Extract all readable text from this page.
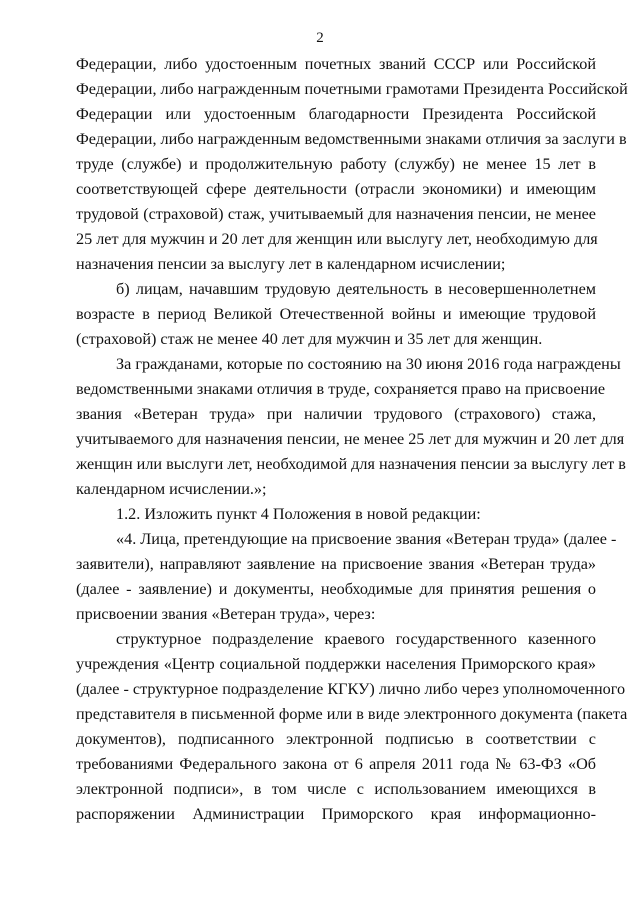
2
Федерации, либо удостоенным почетных званий СССР или Российской
Федерации, либо награжденным почетными грамотами Президента Российской
Федерации или удостоенным благодарности Президента Российской
Федерации, либо награжденным ведомственными знаками отличия за заслуги в
труде (службе) и продолжительную работу (службу) не менее 15 лет в
соответствующей сфере деятельности (отрасли экономики) и имеющим
трудовой (страховой) стаж, учитываемый для назначения пенсии, не менее
25 лет для мужчин и 20 лет для женщин или выслугу лет, необходимую для
назначения пенсии за выслугу лет в календарном исчислении;
б) лицам, начавшим трудовую деятельность в несовершеннолетнем
возрасте в период Великой Отечественной войны и имеющие трудовой
(страховой) стаж не менее 40 лет для мужчин и 35 лет для женщин.
За гражданами, которые по состоянию на 30 июня 2016 года награждены
ведомственными знаками отличия в труде, сохраняется право на присвоение
звания «Ветеран труда» при наличии трудового (страхового) стажа,
учитываемого для назначения пенсии, не менее 25 лет для мужчин и 20 лет для
женщин или выслуги лет, необходимой для назначения пенсии за выслугу лет в
календарном исчислении.»;
1.2. Изложить пункт 4 Положения в новой редакции:
«4. Лица, претендующие на присвоение звания «Ветеран труда» (далее -
заявители), направляют заявление на присвоение звания «Ветеран труда»
(далее - заявление) и документы, необходимые для принятия решения о
присвоении звания «Ветеран труда», через:
структурное подразделение краевого государственного казенного
учреждения «Центр социальной поддержки населения Приморского края»
(далее - структурное подразделение КГКУ) лично либо через уполномоченного
представителя в письменной форме или в виде электронного документа (пакета
документов), подписанного электронной подписью в соответствии с
требованиями Федерального закона от 6 апреля 2011 года № 63-ФЗ «Об
электронной подписи», в том числе с использованием имеющихся в
распоряжении Администрации Приморского края информационно-
